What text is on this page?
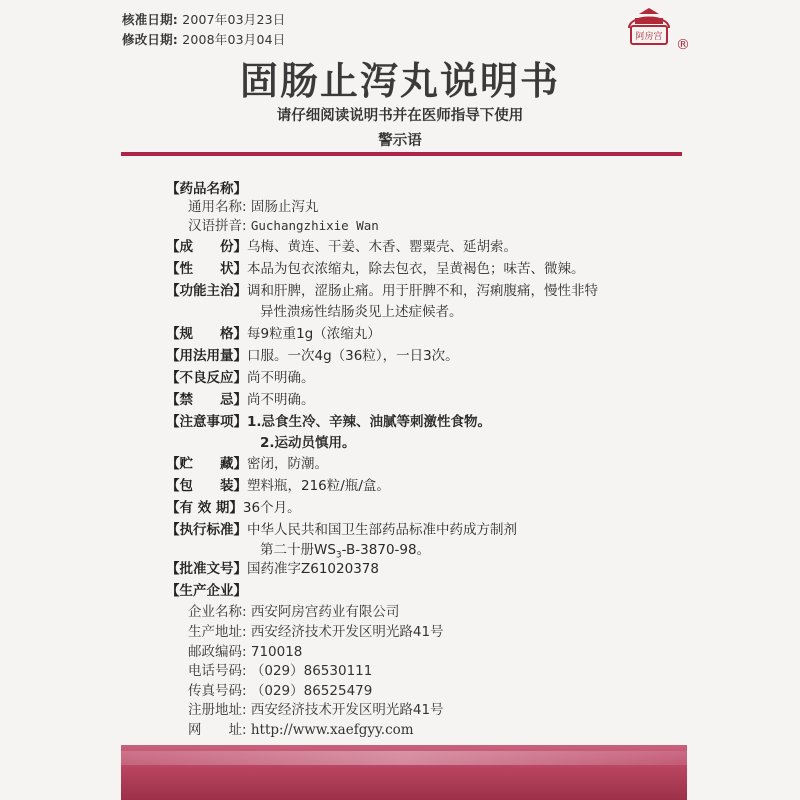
核准日期: 2007年03月23日
修改日期: 2008年03月04日	阿房宫 ®
固肠止泻丸说明书
请仔细阅读说明书并在医师指导下使用
警示语
【药品名称】
通用名称: 固肠止泻丸
汉语拼音: Guchangzhixie Wan
【成　　份】乌梅、黄连、干姜、木香、罂粟壳、延胡索。
【性　　状】本品为包衣浓缩丸，除去包衣，呈黄褐色；味苦、微辣。
【功能主治】调和肝脾，涩肠止痛。用于肝脾不和，泻痢腹痛，慢性非特
异性溃疡性结肠炎见上述症候者。
【规　　格】每9粒重1g（浓缩丸）
【用法用量】口服。一次4g（36粒），一日3次。
【不良反应】尚不明确。
【禁　　忌】尚不明确。
【注意事项】1.忌食生冷、辛辣、油腻等刺激性食物。
2.运动员慎用。
【贮　　藏】密闭，防潮。
【包　　装】塑料瓶，216粒/瓶/盒。
【有 效 期】36个月。
【执行标准】中华人民共和国卫生部药品标准中药成方制剂
第二十册$WS_3-B-3870-98$。
【批准文号】国药准字Z61020378
【生产企业】
企业名称: 西安阿房宫药业有限公司
生产地址: 西安经济技术开发区明光路41号
邮政编码: 710018
电话号码: （029）86530111
传真号码: （029）86525479
注册地址: 西安经济技术开发区明光路41号
网　　址: http://www.xaefgyy.com
